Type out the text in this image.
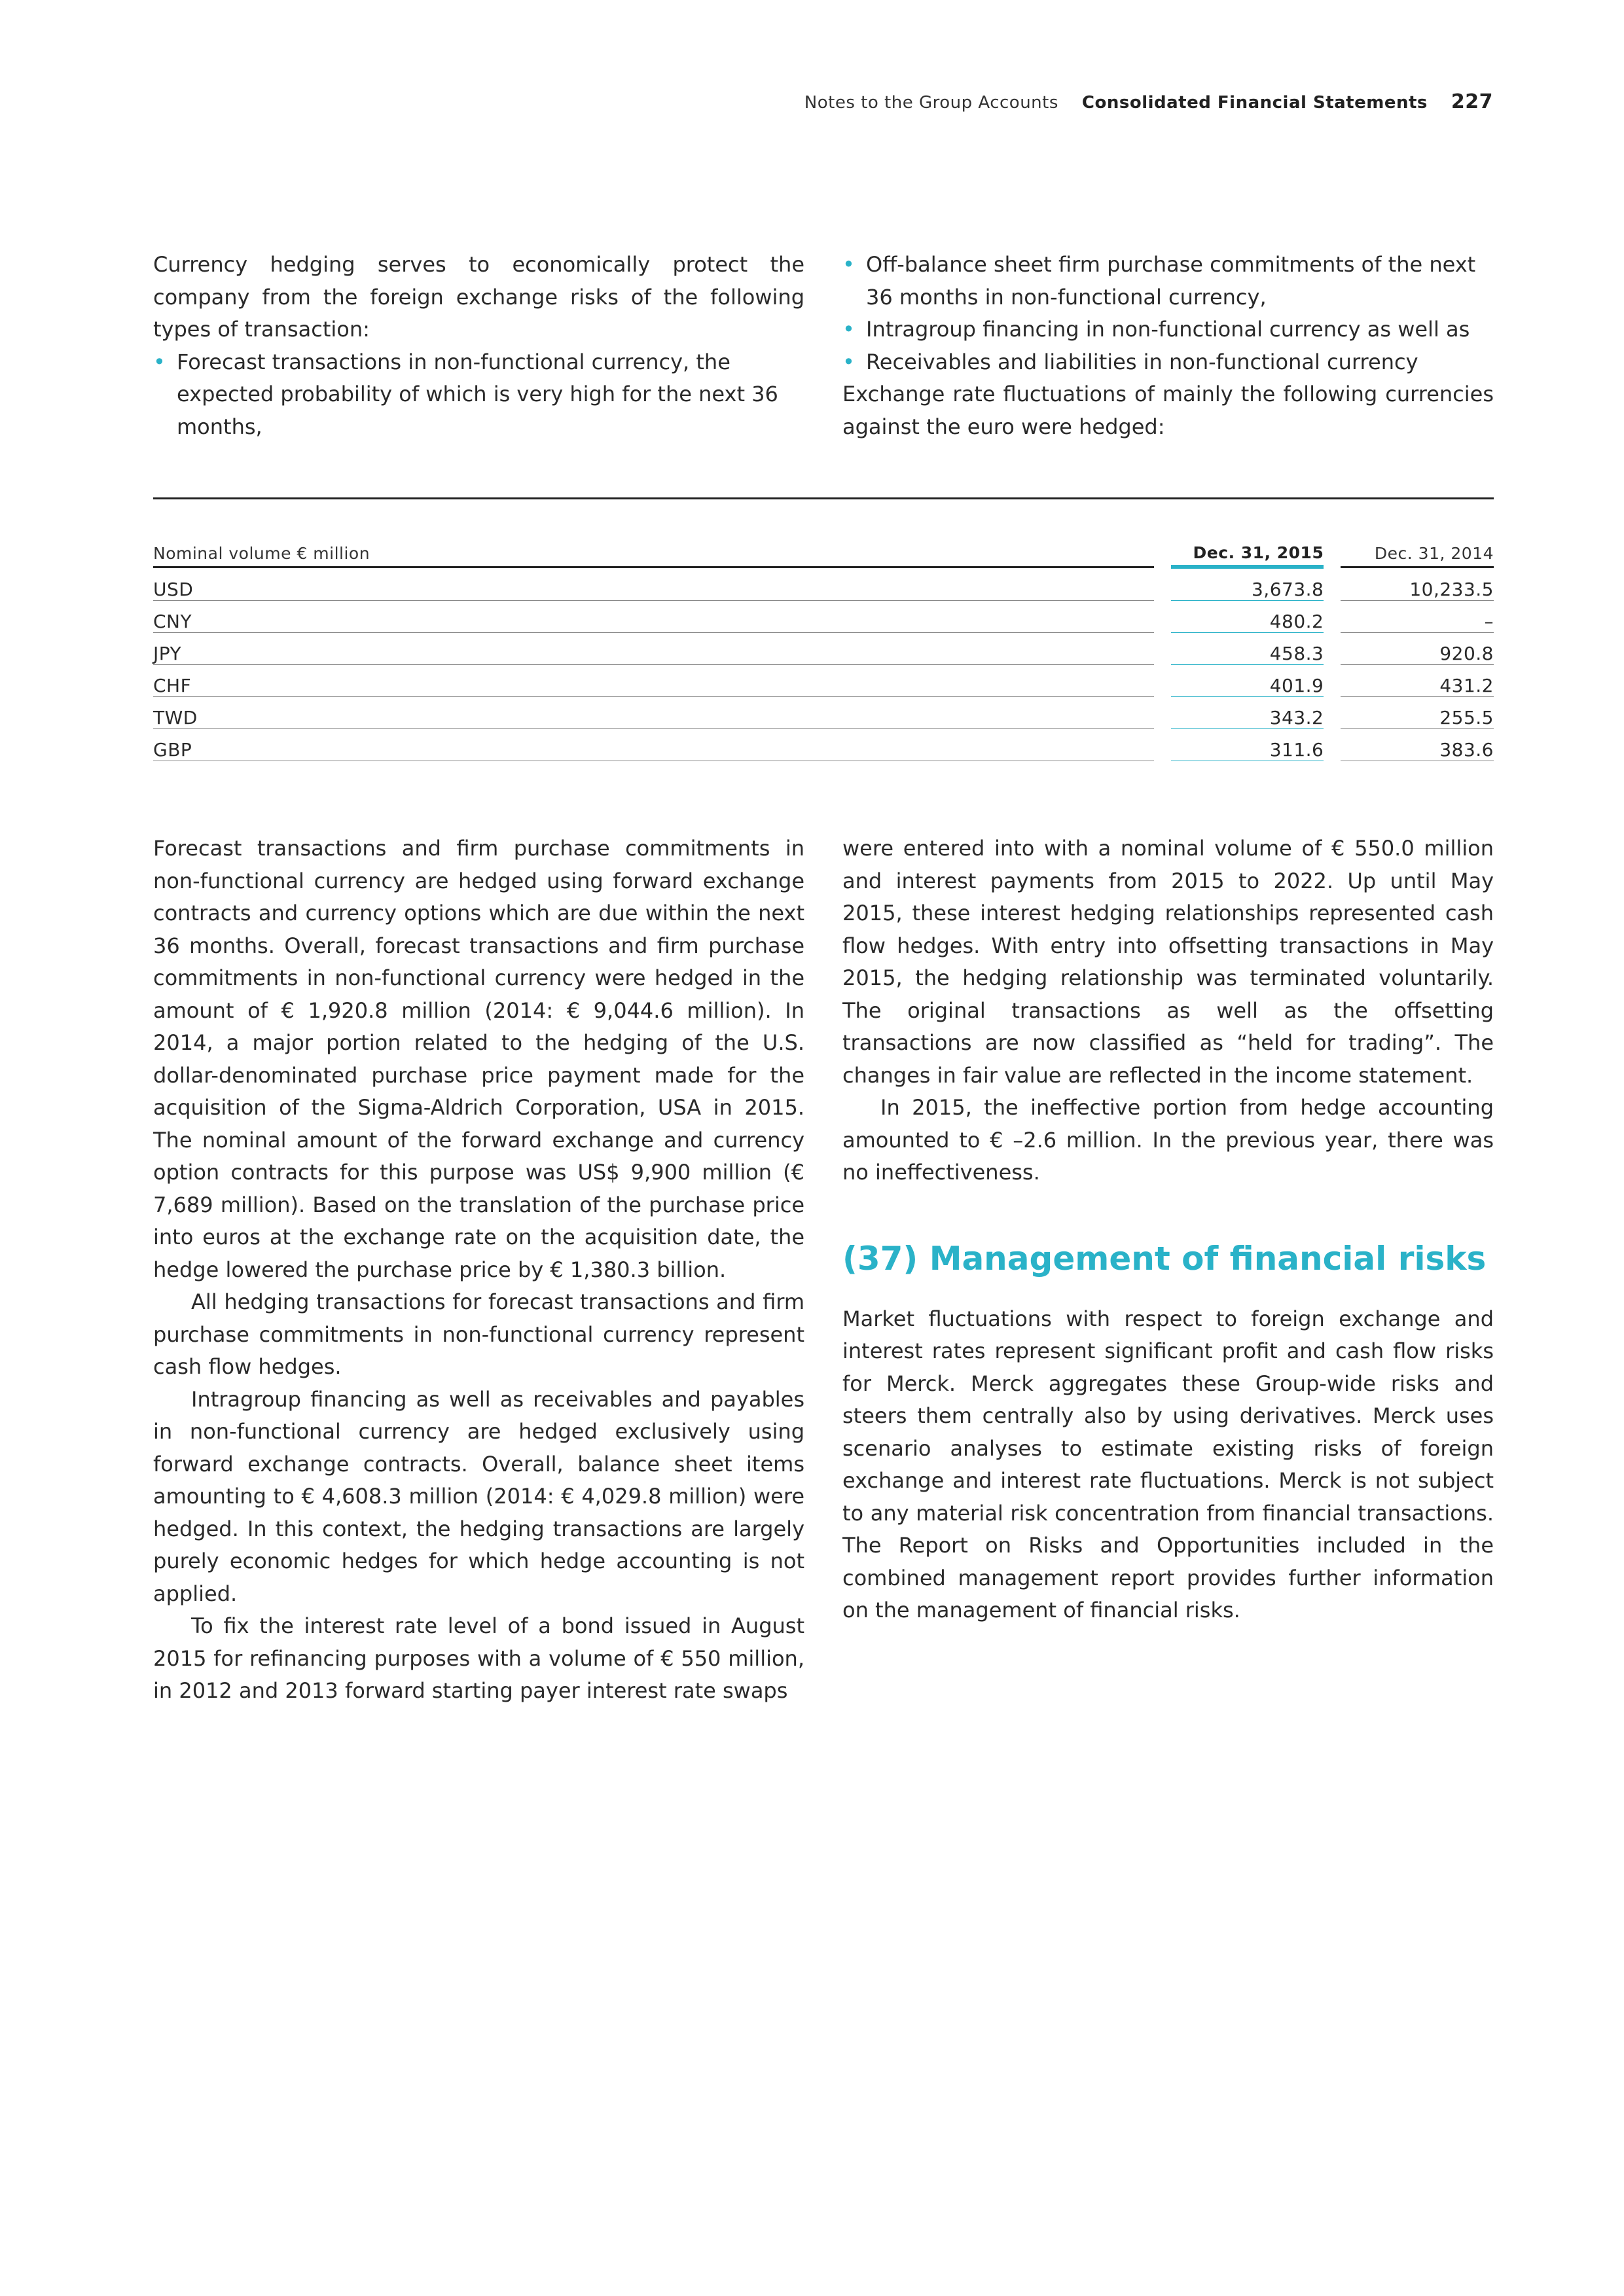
Notes to the Group Accounts Consolidated Financial Statements 227

Currency hedging serves to economically protect the company from the foreign exchange risks of the following types of transaction:

• Forecast transactions in non-functional currency, the expected probability of which is very high for the next 36 months,
• Off-balance sheet firm purchase commitments of the next 36 months in non-functional currency,
• Intragroup financing in non-functional currency as well as
• Receivables and liabilities in non-functional currency

Exchange rate fluctuations of mainly the following currencies against the euro were hedged:

Nominal volume € million		Dec. 31, 2015		Dec. 31, 2014
USD		3,673.8		10,233.5
CNY		480.2		–
JPY		458.3		920.8
CHF		401.9		431.2
TWD		343.2		255.5
GBP		311.6		383.6

Forecast transactions and firm purchase commitments in non-functional currency are hedged using forward exchange contracts and currency options which are due within the next 36 months. Overall, forecast transactions and firm purchase commitments in non-functional currency were hedged in the amount of € 1,920.8 million (2014: € 9,044.6 million). In 2014, a major portion related to the hedging of the U.S. dollar-denominated purchase price payment made for the acquisition of the Sigma-Aldrich Corporation, USA in 2015. The nominal amount of the forward exchange and currency option contracts for this purpose was US$ 9,900 million (€ 7,689 million). Based on the translation of the purchase price into euros at the exchange rate on the acquisition date, the hedge lowered the purchase price by € 1,380.3 billion.

All hedging transactions for forecast transactions and firm purchase commitments in non-functional currency represent cash flow hedges.

Intragroup financing as well as receivables and payables in non-functional currency are hedged exclusively using forward exchange contracts. Overall, balance sheet items amounting to € 4,608.3 million (2014: € 4,029.8 million) were hedged. In this context, the hedging transactions are largely purely economic hedges for which hedge accounting is not applied.

To fix the interest rate level of a bond issued in August 2015 for refinancing purposes with a volume of € 550 million, in 2012 and 2013 forward starting payer interest rate swaps

were entered into with a nominal volume of € 550.0 million and interest payments from 2015 to 2022. Up until May 2015, these interest hedging relationships represented cash flow hedges. With entry into offsetting transactions in May 2015, the hedging relationship was terminated voluntarily. The original transactions as well as the offsetting transactions are now classified as “held for trading”. The changes in fair value are reflected in the income statement.

In 2015, the ineffective portion from hedge accounting amounted to € –2.6 million. In the previous year, there was no ineffectiveness.

(37) Management of financial risks

Market fluctuations with respect to foreign exchange and interest rates represent significant profit and cash flow risks for Merck. Merck aggregates these Group-wide risks and steers them centrally also by using derivatives. Merck uses scenario analyses to estimate existing risks of foreign exchange and interest rate fluctuations. Merck is not subject to any material risk concentration from financial transactions. The Report on Risks and Opportunities included in the combined management report provides further information on the management of financial risks.
